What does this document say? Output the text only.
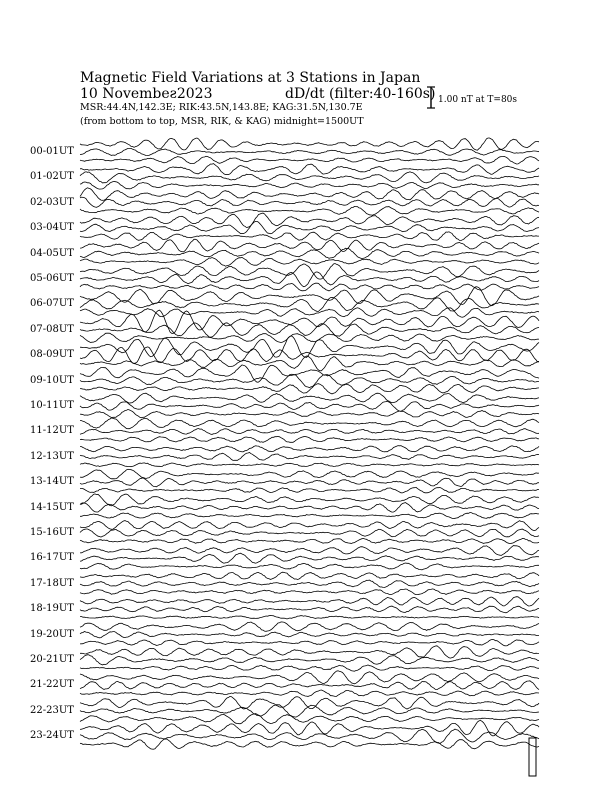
Magnetic Field Variations at 3 Stations in Japan
10 Novembeƨ2023	dD/dt (filter:40-160s)
MSR:44.4N,142.3E; RIK:43.5N,143.8E; KAG:31.5N,130.7E
(from bottom to top, MSR, RIK, & KAG) midnight=1500UT
1.00 nT at T=80s
00-01UT
01-02UT
02-03UT
03-04UT
04-05UT
05-06UT
06-07UT
07-08UT
08-09UT
09-10UT
10-11UT
11-12UT
12-13UT
13-14UT
14-15UT
15-16UT
16-17UT
17-18UT
18-19UT
19-20UT
20-21UT
21-22UT
22-23UT
23-24UT
